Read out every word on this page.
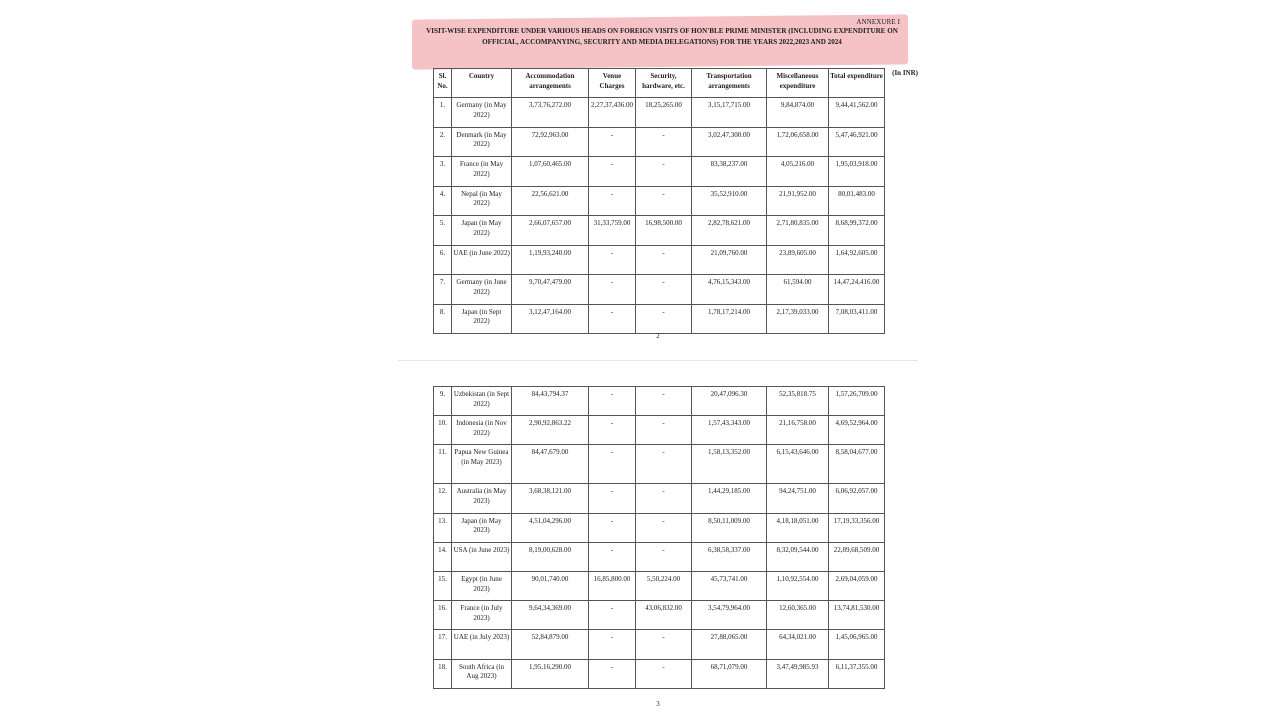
ANNEXURE I
VISIT-WISE EXPENDITURE UNDER VARIOUS HEADS ON FOREIGN VISITS OF HON'BLE PRIME MINISTER (INCLUDING EXPENDITURE ON OFFICIAL, ACCOMPANYING, SECURITY AND MEDIA DELEGATIONS) FOR THE YEARS 2022,2023 AND 2024
(In INR)
Sl. No.	Country	Accommodation arrangements	Venue Charges	Security, hardware, etc.	Transportation arrangements	Miscellaneous expenditure	Total expenditure
1.	Germany (in May 2022)	3,73,76,272.00	2,27,37,436.00	18,25,265.00	3,15,17,715.00	9,84,874.00	9,44,41,562.00
2.	Denmark (in May 2022)	72,92,963.00	-	-	3,02,47,300.00	1,72,06,658.00	5,47,46,921.00
3.	France (in May 2022)	1,07,60,465.00	-	-	83,38,237.00	4,05,216.00	1,95,03,918.00
4.	Nepal (in May 2022)	22,56,621.00	-	-	35,52,910.00	21,91,952.00	80,01,483.00
5.	Japan (in May 2022)	2,66,07,657.00	31,33,759.00	16,98,500.00	2,82,78,621.00	2,71,80,835.00	8,68,99,372.00
6.	UAE (in June 2022)	1,19,93,240.00	-	-	21,09,760.00	23,89,605.00	1,64,92,605.00
7.	Germany (in June 2022)	9,70,47,479.00	-	-	4,76,15,343.00	61,594.00	14,47,24,416.00
8.	Japan (in Sept 2022)	3,12,47,164.00	-	-	1,78,17,214.00	2,17,39,033.00	7,08,03,411.00
2
9.	Uzbekistan (in Sept 2022)	84,43,794.37	-	-	20,47,096.30	52,35,818.75	1,57,26,709.00
10.	Indonesia (in Nov 2022)	2,90,92,863.22	-	-	1,57,43,343.00	21,16,758.00	4,69,52,964.00
11.	Papua New Guinea (in May 2023)	84,47,679.00	-	-	1,58,13,352.00	6,15,43,646.00	8,58,04,677.00
12.	Australia (in May 2023)	3,68,38,121.00	-	-	1,44,29,185.00	94,24,751.00	6,06,92,057.00
13.	Japan (in May 2023)	4,51,04,296.00	-	-	8,50,11,009.00	4,18,18,051.00	17,19,33,356.00
14.	USA (in June 2023)	8,19,00,628.00	-	-	6,38,58,337.00	8,32,09,544.00	22,89,68,509.00
15.	Egypt (in June 2023)	90,01,740.00	16,85,800.00	5,50,224.00	45,73,741.00	1,10,92,554.00	2,69,04,059.00
16.	France (in July 2023)	9,64,34,369.00	-	43,06,832.00	3,54,79,964.00	12,60,365.00	13,74,81,530.00
17.	UAE (in July 2023)	52,84,879.00	-	-	27,88,065.00	64,34,021.00	1,45,06,965.00
18.	South Africa (in Aug 2023)	1,95,16,290.00	-	-	68,71,079.00	3,47,49,985.93	6,11,37,355.00
3
